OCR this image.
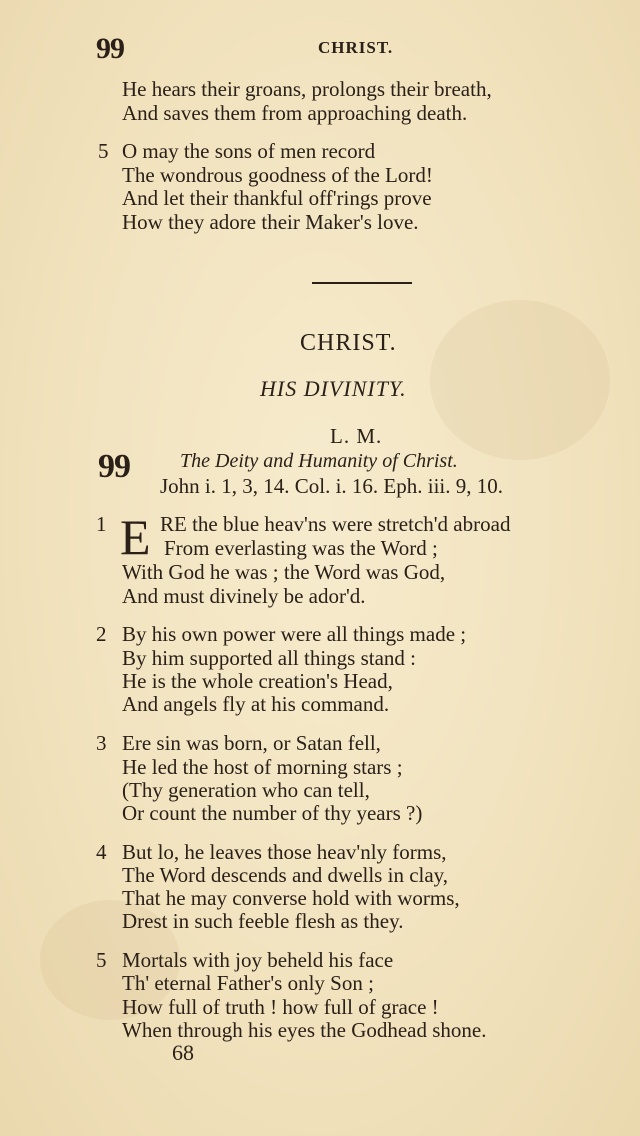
99	CHRIST.
He hears their groans, prolongs their breath,
And saves them from approaching death.
5 O may the sons of men record
The wondrous goodness of the Lord!
And let their thankful off'rings prove
How they adore their Maker's love.
CHRIST.
HIS DIVINITY.
L. M.
99	The Deity and Humanity of Christ.
John i. 1, 3, 14. Col. i. 16. Eph. iii. 9, 10.
1 E RE the blue heav'ns were stretch'd abroad
From everlasting was the Word ;
With God he was ; the Word was God,
And must divinely be ador'd.
2 By his own power were all things made ;
By him supported all things stand :
He is the whole creation's Head,
And angels fly at his command.
3 Ere sin was born, or Satan fell,
He led the host of morning stars ;
(Thy generation who can tell,
Or count the number of thy years ?)
4 But lo, he leaves those heav'nly forms,
The Word descends and dwells in clay,
That he may converse hold with worms,
Drest in such feeble flesh as they.
5 Mortals with joy beheld his face
Th' eternal Father's only Son ;
How full of truth ! how full of grace !
When through his eyes the Godhead shone.
68
